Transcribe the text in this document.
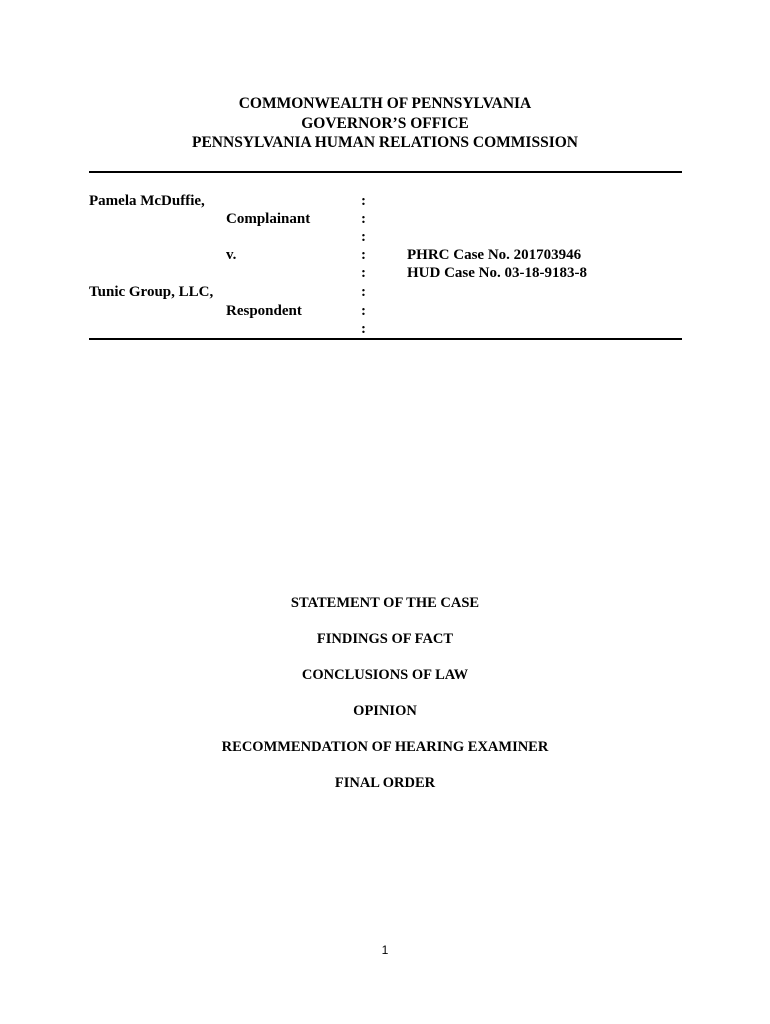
COMMONWEALTH OF PENNSYLVANIA
GOVERNOR’S OFFICE
PENNSYLVANIA HUMAN RELATIONS COMMISSION
Pamela McDuffie,
Complainant
v.
Tunic Group, LLC,
Respondent
:
:
:
:
:
:
:
:
PHRC Case No. 201703946
HUD Case No. 03-18-9183-8
STATEMENT OF THE CASE
FINDINGS OF FACT
CONCLUSIONS OF LAW
OPINION
RECOMMENDATION OF HEARING EXAMINER
FINAL ORDER
1
